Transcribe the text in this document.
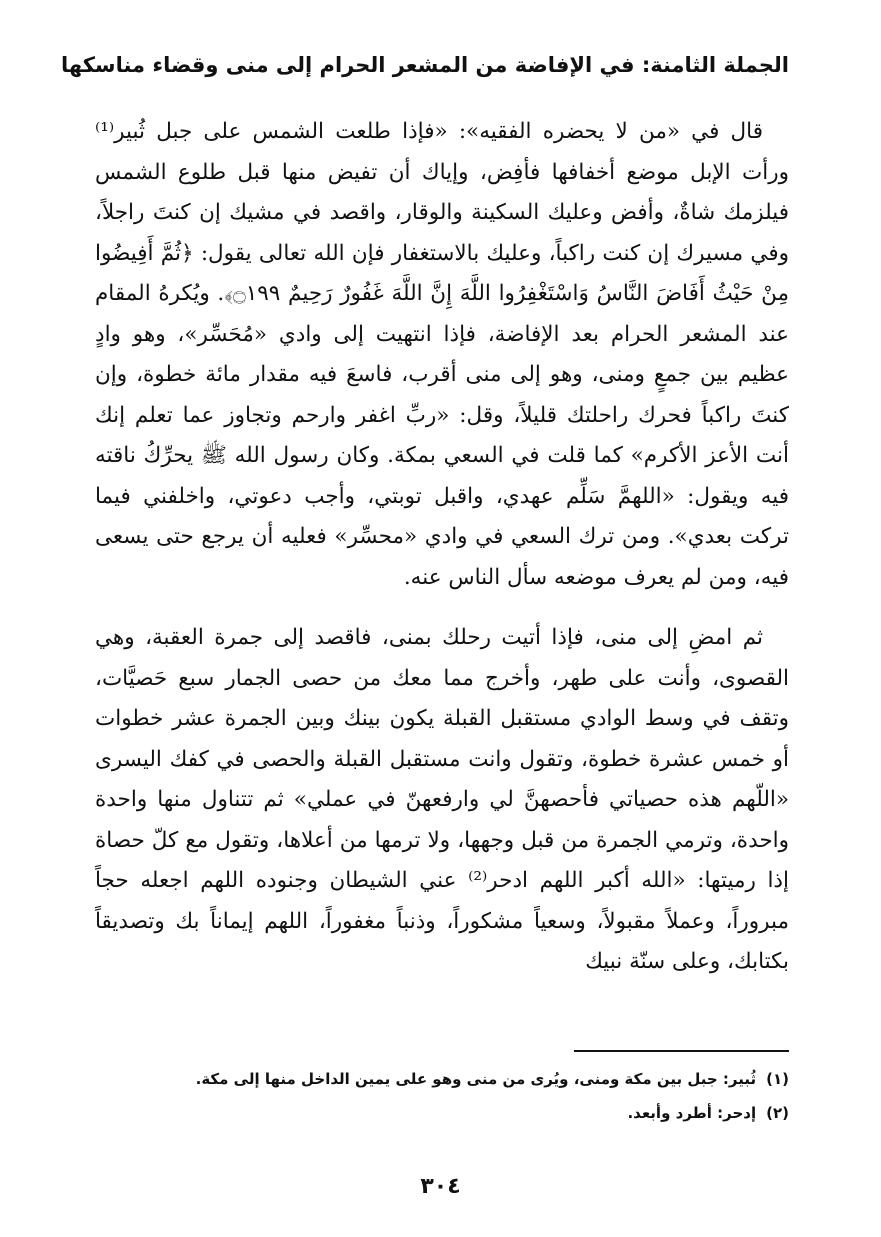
الجملة الثامنة: في الإفاضة من المشعر الحرام إلى منى وقضاء مناسكها

قال في «من لا يحضره الفقيه»: «فإذا طلعت الشمس على جبل ثُبير⁽¹⁾ ورأت الإبل موضع أخفافها فأفِض، وإياك أن تفيض منها قبل طلوع الشمس فيلزمك شاةٌ، وأفض وعليك السكينة والوقار، واقصد في مشيك إن كنتَ راجلاً، وفي مسيرك إن كنت راكباً، وعليك بالاستغفار فإن الله تعالى يقول: ﴿ثُمَّ أَفِيضُوا مِنْ حَيْثُ أَفَاضَ النَّاسُ وَاسْتَغْفِرُوا اللَّهَ إِنَّ اللَّهَ غَفُورٌ رَحِيمٌ ۝١٩٩﴾. ويُكرهُ المقام عند المشعر الحرام بعد الإفاضة، فإذا انتهيت إلى وادي «مُحَسِّر»، وهو وادٍ عظيم بين جمعٍ ومنى، وهو إلى منى أقرب، فاسعَ فيه مقدار مائة خطوة، وإن كنتَ راكباً فحرك راحلتك قليلاً، وقل: «ربِّ اغفر وارحم وتجاوز عما تعلم إنك أنت الأعز الأكرم» كما قلت في السعي بمكة. وكان رسول الله ﷺ يحرِّكُ ناقته فيه ويقول: «اللهمَّ سَلِّم عهدي، واقبل توبتي، وأجب دعوتي، واخلفني فيما تركت بعدي». ومن ترك السعي في وادي «محسِّر» فعليه أن يرجع حتى يسعى فيه، ومن لم يعرف موضعه سأل الناس عنه.

ثم امضِ إلى منى، فإذا أتيت رحلك بمنى، فاقصد إلى جمرة العقبة، وهي القصوى، وأنت على طهر، وأخرج مما معك من حصى الجمار سبع حَصيَّات، وتقف في وسط الوادي مستقبل القبلة يكون بينك وبين الجمرة عشر خطوات أو خمس عشرة خطوة، وتقول وانت مستقبل القبلة والحصى في كفك اليسرى «اللّهم هذه حصياتي فأحصهنَّ لي وارفعهنّ في عملي» ثم تتناول منها واحدة واحدة، وترمي الجمرة من قبل وجهها، ولا ترمها من أعلاها، وتقول مع كلّ حصاة إذا رميتها: «الله أكبر اللهم ادحر⁽²⁾ عني الشيطان وجنوده اللهم اجعله حجاً مبروراً، وعملاً مقبولاً، وسعياً مشكوراً، وذنباً مغفوراً، اللهم إيماناً بك وتصديقاً بكتابك، وعلى سنّة نبيك

(١)ثُبير: جبل بين مكة ومنى، ويُرى من منى وهو على يمين الداخل منها إلى مكة.
(٢)إدحر: أطرد وأبعد.
٣٠٤
